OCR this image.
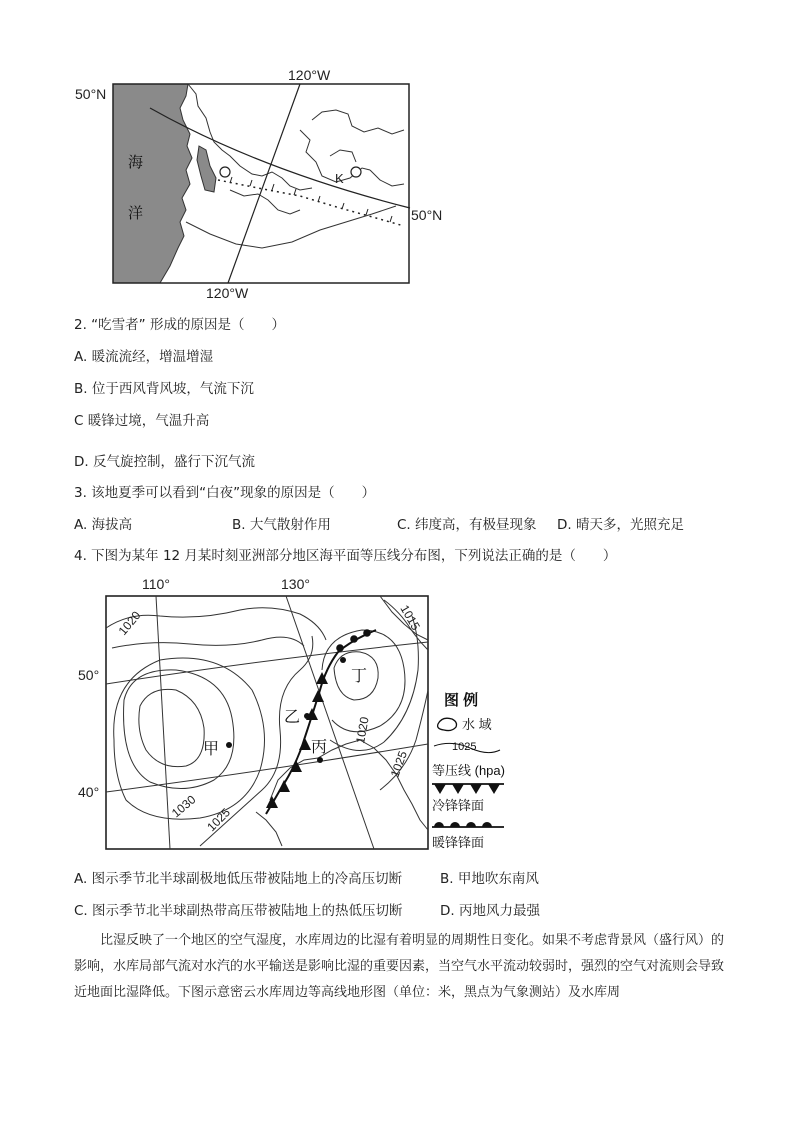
50°N
50°N
120°W
120°W
海
洋
K
2. “吃雪者” 形成的原因是（　　）
A. 暖流流经，增温增湿
B. 位于西风背风坡，气流下沉
C 暖锋过境，气温升高
D. 反气旋控制，盛行下沉气流
3. 该地夏季可以看到“白夜”现象的原因是（　　）
A. 海拔高	B. 大气散射作用	C. 纬度高，有极昼现象 D. 晴天多，光照充足
4. 下图为某年 12 月某时刻亚洲部分地区海平面等压线分布图，下列说法正确的是（　　）
110°	130°
50°
40°
1020	1015
1020
1025
1030 1025
甲
乙
丙
丁
图 例
水 域
1025
等压线 (hpa)
冷锋锋面
暖锋锋面
A. 图示季节北半球副极地低压带被陆地上的冷高压切断	B. 甲地吹东南风
C. 图示季节北半球副热带高压带被陆地上的热低压切断	D. 丙地风力最强
比湿反映了一个地区的空气湿度，水库周边的比湿有着明显的周期性日变化。如果不考虑背景风（盛行风）的影响，水库局部气流对水汽的水平输送是影响比湿的重要因素，当空气水平流动较弱时，强烈的空气对流则会导致近地面比湿降低。下图示意密云水库周边等高线地形图（单位：米，黑点为气象测站）及水库周
